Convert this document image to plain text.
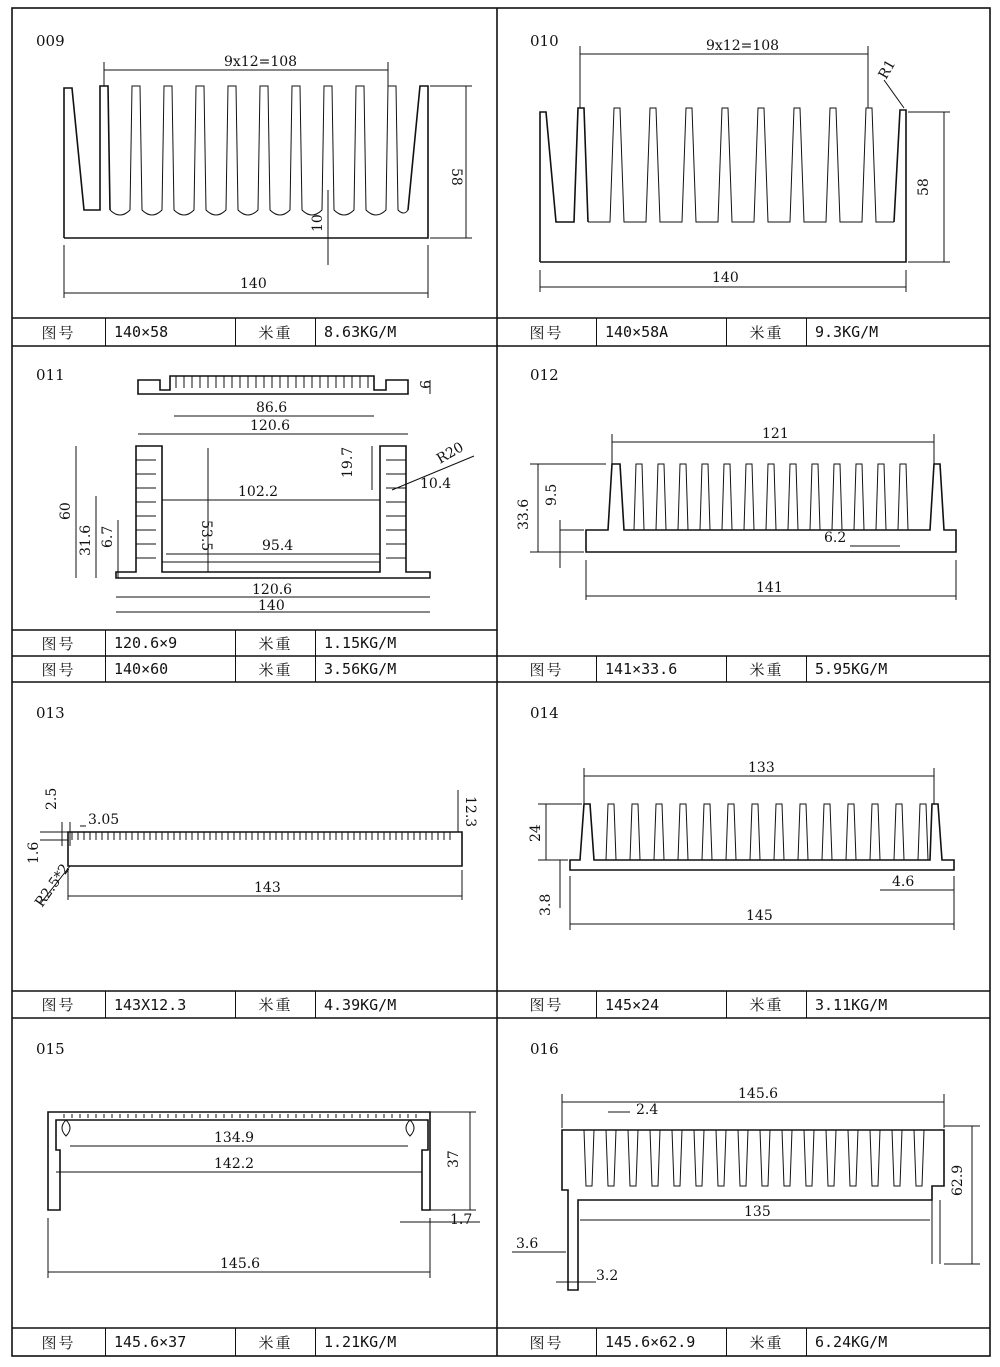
9x12=108
58
10
140
9x12=108
R1
58
140
9
86.6
120.6
19.7	R20
102.2	10.4
60
53.5
31.6 6.7	95.4
120.6
140
121
33.6
9.5
6.2
141
2.5
3.05
1.6
12.3
R2.5*2	143
133
24
4.6
3.8	145
134.9
142.2	37
1.7
145.6
145.6
2.4
135
62.9
3.6
3.2
009	010
011	012
013	014
015	016
图号	140×58	米重	8.63KG/M	图号	140×58A	米重	9.3KG/M
图号	120.6×9	米重	1.15KG/M
图号	140×60	米重	3.56KG/M	图号	141×33.6	米重	5.95KG/M
图号	143X12.3	米重	4.39KG/M	图号	145×24	米重	3.11KG/M
图号	145.6×37	米重	1.21KG/M	图号	145.6×62.9	米重	6.24KG/M
